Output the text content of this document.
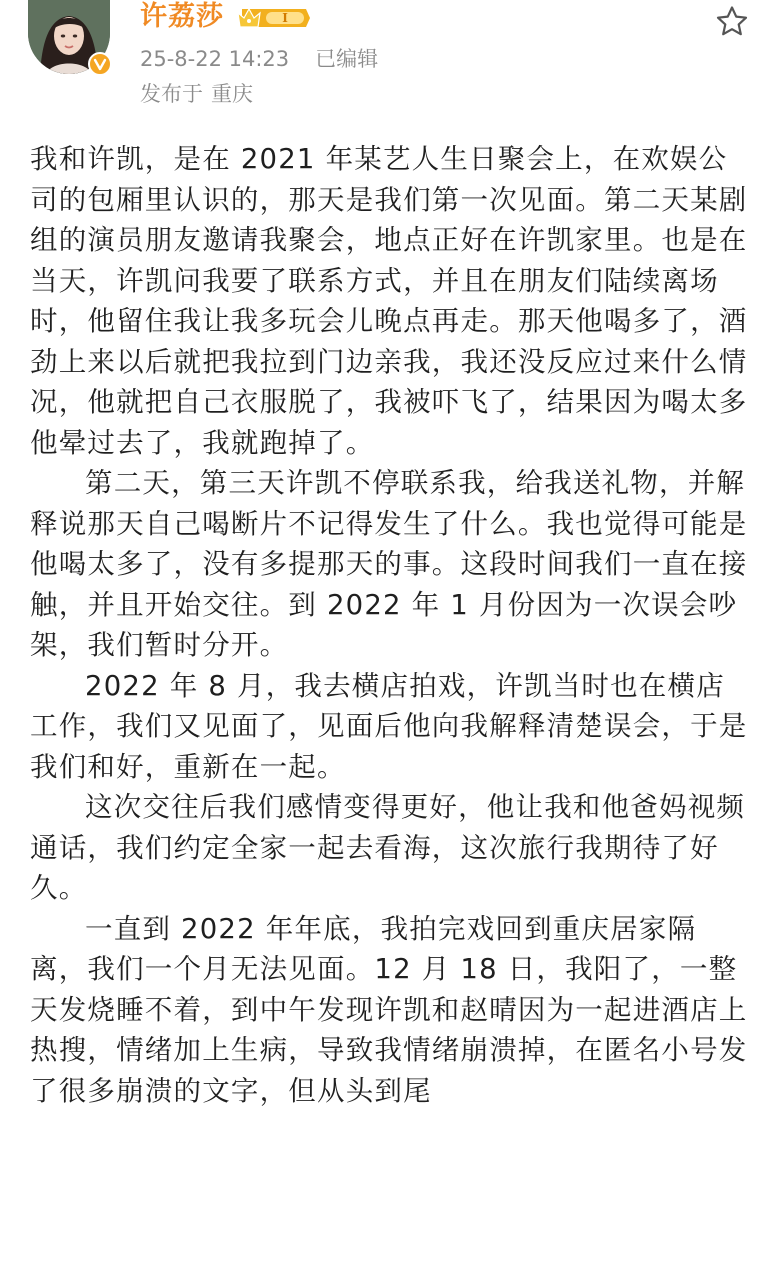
许荔莎	I
25-8-22 14:23 已编辑
发布于 重庆

我和许凯，是在 2021 年某艺人生日聚会上，在欢娱公司的包厢里认识的，那天是我们第一次见面。第二天某剧组的演员朋友邀请我聚会，地点正好在许凯家里。也是在当天，许凯问我要了联系方式，并且在朋友们陆续离场时，他留住我让我多玩会儿晚点再走。那天他喝多了，酒劲上来以后就把我拉到门边亲我，我还没反应过来什么情况，他就把自己衣服脱了，我被吓飞了，结果因为喝太多他晕过去了，我就跑掉了。

第二天，第三天许凯不停联系我，给我送礼物，并解释说那天自己喝断片不记得发生了什么。我也觉得可能是他喝太多了，没有多提那天的事。这段时间我们一直在接触，并且开始交往。到 2022 年 1 月份因为一次误会吵架，我们暂时分开。

2022 年 8 月，我去横店拍戏，许凯当时也在横店工作，我们又见面了，见面后他向我解释清楚误会，于是我们和好，重新在一起。

这次交往后我们感情变得更好，他让我和他爸妈视频通话，我们约定全家一起去看海，这次旅行我期待了好久。

一直到 2022 年年底，我拍完戏回到重庆居家隔离，我们一个月无法见面。12 月 18 日，我阳了，一整天发烧睡不着，到中午发现许凯和赵晴因为一起进酒店上热搜，情绪加上生病，导致我情绪崩溃掉，在匿名小号发了很多崩溃的文字，但从头到尾
